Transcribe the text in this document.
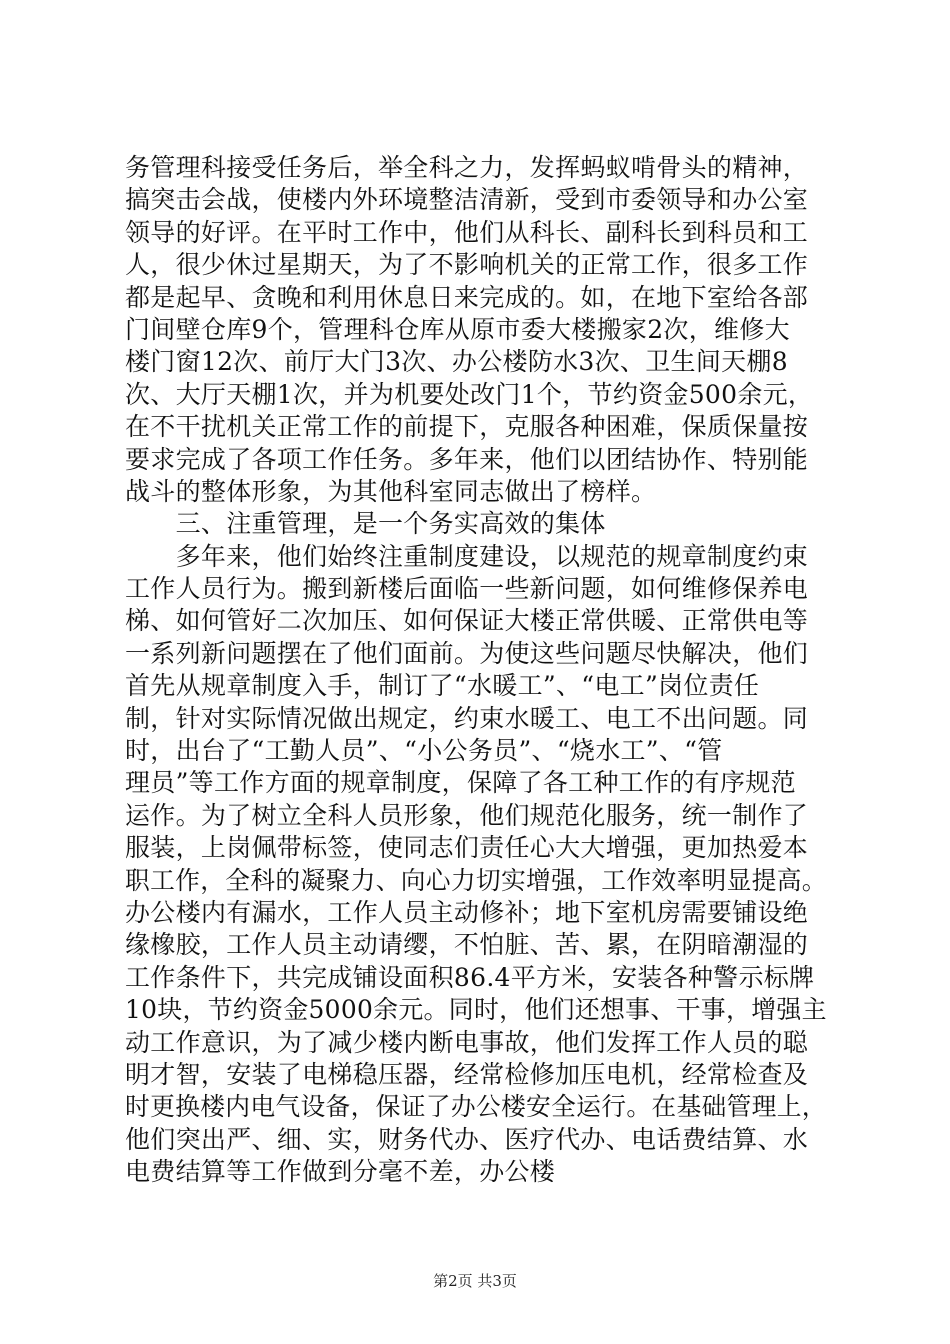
务管理科接受任务后，举全科之力，发挥蚂蚁啃骨头的精神，
搞突击会战，使楼内外环境整洁清新，受到市委领导和办公室
领导的好评。在平时工作中，他们从科长、副科长到科员和工
人，很少休过星期天，为了不影响机关的正常工作，很多工作
都是起早、贪晚和利用休息日来完成的。如，在地下室给各部
门间壁仓库9个，管理科仓库从原市委大楼搬家2次，维修大
楼门窗12次、前厅大门3次、办公楼防水3次、卫生间天棚8
次、大厅天棚1次，并为机要处改门1个，节约资金500余元，
在不干扰机关正常工作的前提下，克服各种困难，保质保量按
要求完成了各项工作任务。多年来，他们以团结协作、特别能
战斗的整体形象，为其他科室同志做出了榜样。
　　三、注重管理，是一个务实高效的集体
　　多年来，他们始终注重制度建设，以规范的规章制度约束
工作人员行为。搬到新楼后面临一些新问题，如何维修保养电
梯、如何管好二次加压、如何保证大楼正常供暖、正常供电等
一系列新问题摆在了他们面前。为使这些问题尽快解决，他们
首先从规章制度入手，制订了“水暖工”、“电工”岗位责任
制，针对实际情况做出规定，约束水暖工、电工不出问题。同
时，出台了“工勤人员”、“小公务员”、“烧水工”、“管
理员”等工作方面的规章制度，保障了各工种工作的有序规范
运作。为了树立全科人员形象，他们规范化服务，统一制作了
服装，上岗佩带标签，使同志们责任心大大增强，更加热爱本
职工作，全科的凝聚力、向心力切实增强，工作效率明显提高。
办公楼内有漏水，工作人员主动修补；地下室机房需要铺设绝
缘橡胶，工作人员主动请缨，不怕脏、苦、累，在阴暗潮湿的
工作条件下，共完成铺设面积86.4平方米，安装各种警示标牌
10块，节约资金5000余元。同时，他们还想事、干事，增强主
动工作意识，为了减少楼内断电事故，他们发挥工作人员的聪
明才智，安装了电梯稳压器，经常检修加压电机，经常检查及
时更换楼内电气设备，保证了办公楼安全运行。在基础管理上，
他们突出严、细、实，财务代办、医疗代办、电话费结算、水
电费结算等工作做到分毫不差，办公楼
第2页 共3页
